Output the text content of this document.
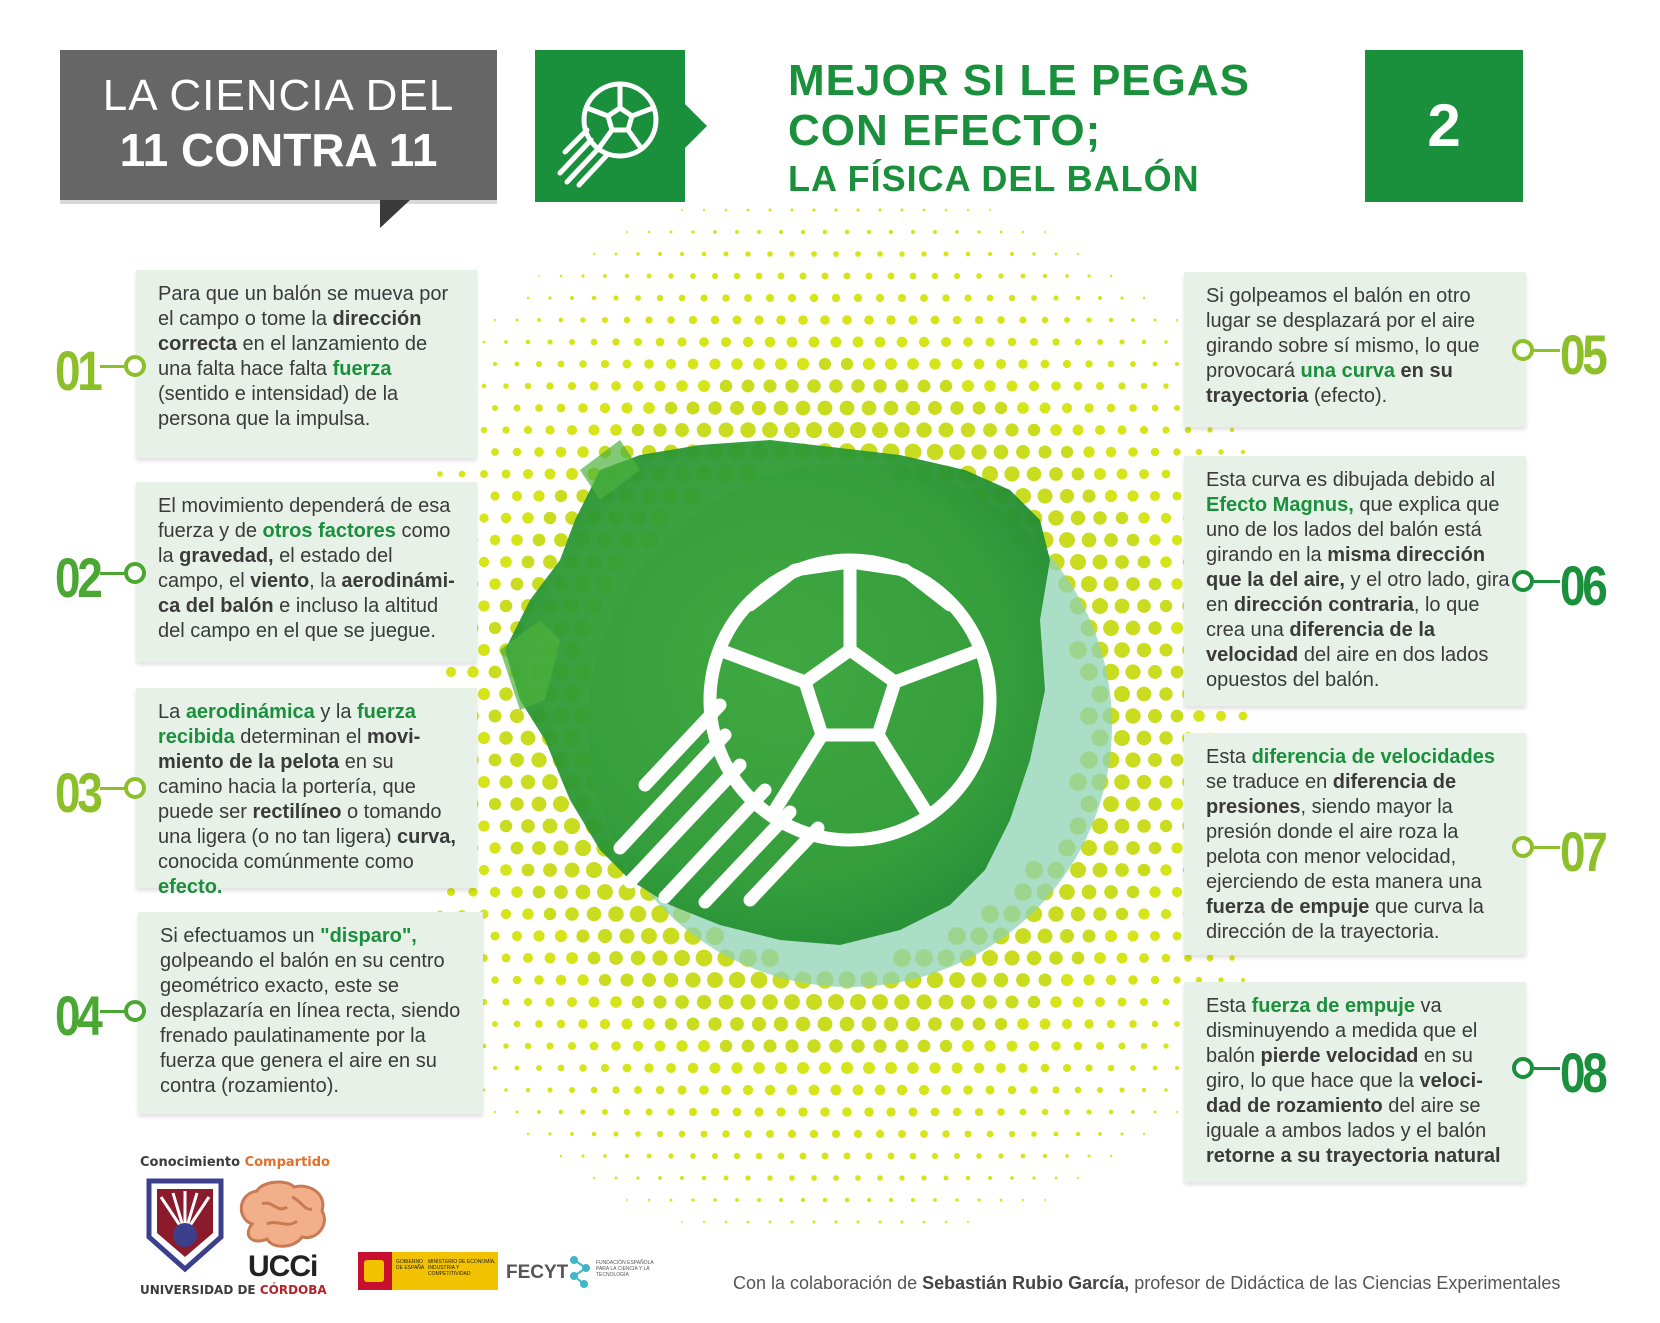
LA CIENCIA DEL
11 CONTRA 11
MEJOR SI LE PEGAS
CON EFECTO;
LA FÍSICA DEL BALÓN
2

Para que un balón se mueva por el campo o tome la dirección correcta en el lanzamiento de una falta hace falta fuerza (sentido e intensidad) de la persona que la impulsa.

El movimiento dependerá de esa fuerza y de otros factores como la gravedad, el estado del campo, el viento, la aerodinámi-ca del balón e incluso la altitud del campo en el que se juegue.

La aerodinámica y la fuerza recibida determinan el movi-miento de la pelota en su camino hacia la portería, que puede ser rectilíneo o tomando una ligera (o no tan ligera) curva, conocida comúnmente como efecto.

Si efectuamos un "disparo", golpeando el balón en su centro geométrico exacto, este se desplazaría en línea recta, siendo frenado paulatinamente por la fuerza que genera el aire en su contra (rozamiento).

Si golpeamos el balón en otro lugar se desplazará por el aire girando sobre sí mismo, lo que provocará una curva en su trayectoria (efecto).

Esta curva es dibujada debido al Efecto Magnus, que explica que uno de los lados del balón está girando en la misma dirección que la del aire, y el otro lado, gira en dirección contraria, lo que crea una diferencia de la velocidad del aire en dos lados opuestos del balón.

Esta diferencia de velocidades se traduce en diferencia de presiones, siendo mayor la presión donde el aire roza la pelota con menor velocidad, ejerciendo de esta manera una fuerza de empuje que curva la dirección de la trayectoria.

Esta fuerza de empuje va disminuyendo a medida que el balón pierde velocidad en su giro, lo que hace que la veloci-dad de rozamiento del aire se iguale a ambos lados y el balón retorne a su trayectoria natural

01
02
03
04
05
06
07
08
Conocimiento Compartido
UCCi
UNIVERSIDAD DE CÓRDOBA
GOBIERNO DE ESPAÑA
MINISTERIO DE ECONOMÍA, INDUSTRIA Y COMPETITIVIDAD	FECYT	FUNDACIÓN ESPAÑOLA PARA LA CIENCIA Y LA TECNOLOGÍA	Con la colaboración de Sebastián Rubio García, profesor de Didáctica de las Ciencias Experimentales
